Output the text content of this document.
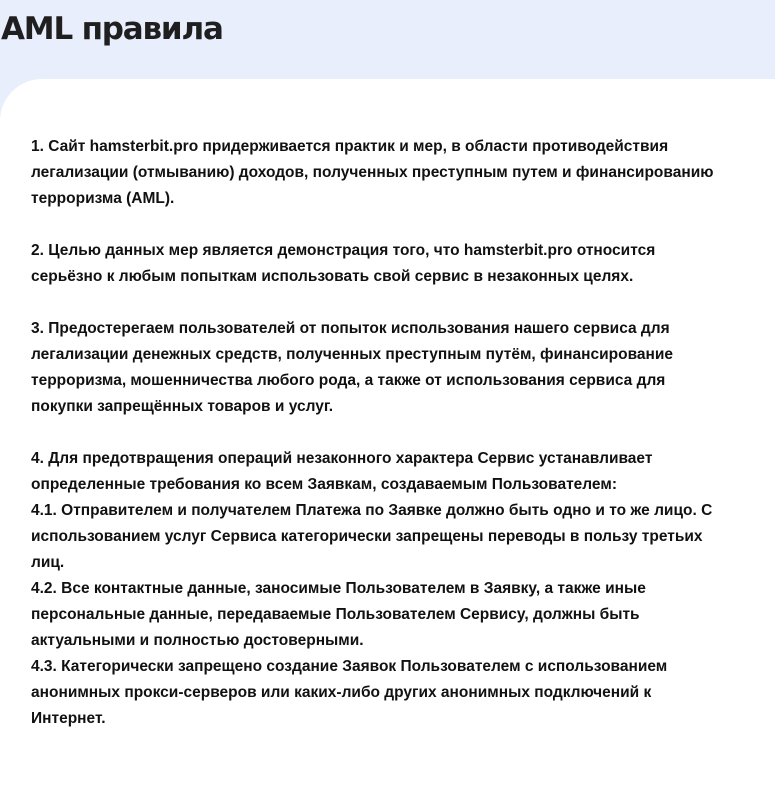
AML правила

1. Сайт hamsterbit.pro придерживается практик и мер, в области противодействия
легализации (отмыванию) доходов, полученных преступным путем и финансированию
терроризма (AML).

2. Целью данных мер является демонстрация того, что hamsterbit.pro относится
серьёзно к любым попыткам использовать свой сервис в незаконных целях.

3. Предостерегаем пользователей от попыток использования нашего сервиса для
легализации денежных средств, полученных преступным путём, финансирование
терроризма, мошенничества любого рода, а также от использования сервиса для
покупки запрещённых товаров и услуг.

4. Для предотвращения операций незаконного характера Сервис устанавливает
определенные требования ко всем Заявкам, создаваемым Пользователем:
4.1. Отправителем и получателем Платежа по Заявке должно быть одно и то же лицо. С
использованием услуг Сервиса категорически запрещены переводы в пользу третьих
лиц.
4.2. Все контактные данные, заносимые Пользователем в Заявку, а также иные
персональные данные, передаваемые Пользователем Сервису, должны быть
актуальными и полностью достоверными.
4.3. Категорически запрещено создание Заявок Пользователем с использованием
анонимных прокси-серверов или каких-либо других анонимных подключений к
Интернет.
